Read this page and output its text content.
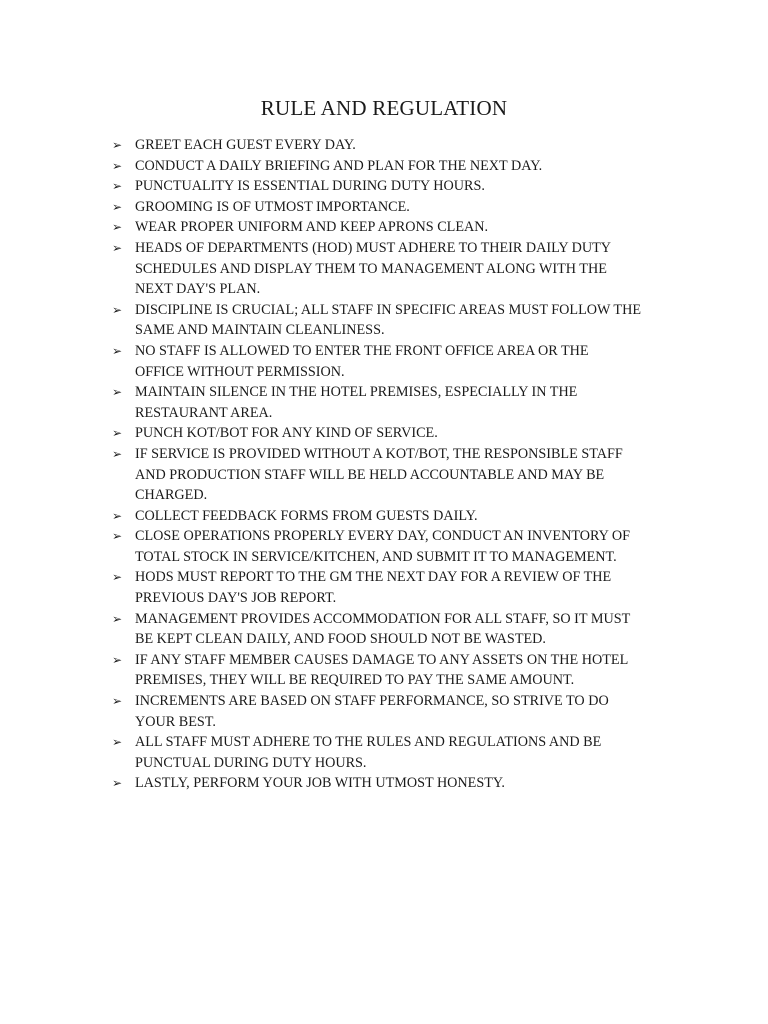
RULE AND REGULATION
➢ GREET EACH GUEST EVERY DAY.
➢ CONDUCT A DAILY BRIEFING AND PLAN FOR THE NEXT DAY.
➢ PUNCTUALITY IS ESSENTIAL DURING DUTY HOURS.
➢ GROOMING IS OF UTMOST IMPORTANCE.
➢ WEAR PROPER UNIFORM AND KEEP APRONS CLEAN.
➢ HEADS OF DEPARTMENTS (HOD) MUST ADHERE TO THEIR DAILY DUTY
SCHEDULES AND DISPLAY THEM TO MANAGEMENT ALONG WITH THE
NEXT DAY'S PLAN.
➢ DISCIPLINE IS CRUCIAL; ALL STAFF IN SPECIFIC AREAS MUST FOLLOW THE
SAME AND MAINTAIN CLEANLINESS.
➢ NO STAFF IS ALLOWED TO ENTER THE FRONT OFFICE AREA OR THE
OFFICE WITHOUT PERMISSION.
➢ MAINTAIN SILENCE IN THE HOTEL PREMISES, ESPECIALLY IN THE
RESTAURANT AREA.
➢ PUNCH KOT/BOT FOR ANY KIND OF SERVICE.
➢ IF SERVICE IS PROVIDED WITHOUT A KOT/BOT, THE RESPONSIBLE STAFF
AND PRODUCTION STAFF WILL BE HELD ACCOUNTABLE AND MAY BE
CHARGED.
➢ COLLECT FEEDBACK FORMS FROM GUESTS DAILY.
➢ CLOSE OPERATIONS PROPERLY EVERY DAY, CONDUCT AN INVENTORY OF
TOTAL STOCK IN SERVICE/KITCHEN, AND SUBMIT IT TO MANAGEMENT.
➢ HODS MUST REPORT TO THE GM THE NEXT DAY FOR A REVIEW OF THE
PREVIOUS DAY'S JOB REPORT.
➢ MANAGEMENT PROVIDES ACCOMMODATION FOR ALL STAFF, SO IT MUST
BE KEPT CLEAN DAILY, AND FOOD SHOULD NOT BE WASTED.
➢ IF ANY STAFF MEMBER CAUSES DAMAGE TO ANY ASSETS ON THE HOTEL
PREMISES, THEY WILL BE REQUIRED TO PAY THE SAME AMOUNT.
➢ INCREMENTS ARE BASED ON STAFF PERFORMANCE, SO STRIVE TO DO
YOUR BEST.
➢ ALL STAFF MUST ADHERE TO THE RULES AND REGULATIONS AND BE
PUNCTUAL DURING DUTY HOURS.
➢ LASTLY, PERFORM YOUR JOB WITH UTMOST HONESTY.
